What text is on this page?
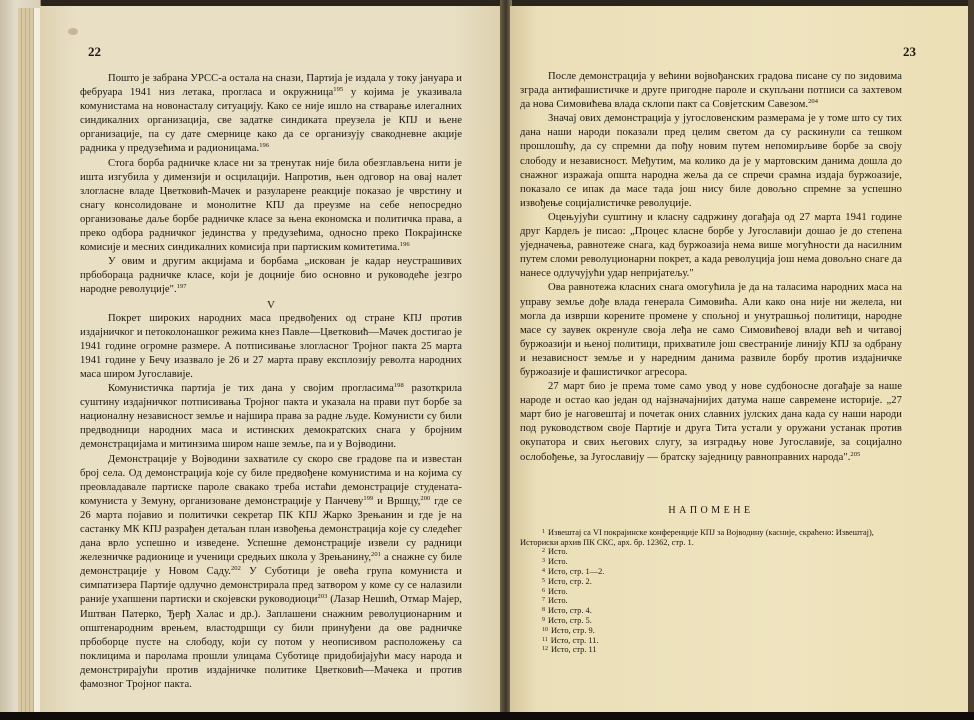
22

Пошто је забрана УРСС-а остала на снази, Партија је издала у току јануара и фебруара 1941 низ летака, проглаcа и окружница$^{195}$ у којима је указивала комунистама на новонасталу ситуацију. Како се није ишло на стварање илегалних синдикалних организација, све задатке синдиката преузела је КПЈ и њене организације, па су дате смернице како да се организују свакодневне акције радника у предузећима и радионицама.$^{196}$

Стога борба радничке класе ни за тренутак није била обезглављена нити је ишта изгубила у димензији и осцилацији. Напротив, њен одговор на овај налет злогласне владе Цветковић-Мачек и разуларене реакције показао је чврстину и снагу консолидоване и монолитне КПЈ да преузме на себе непосредно организовање даље борбе радничке класе за њена економска и политичка права, а преко одбора радничког јединства у предузећима, односно преко Покрајинске комисије и месних синдикалних комисија при партиским комитетима.$^{196}$

У овим и другим акцијама и борбама „искован је кадар неустрашивих прбобораца радничке класе, који је доцније био основно и руководеће језгро народне револуције".$^{197}$

V

Покрет широких народних маса предвођених од стране КПЈ против издајничког и петоколонашког режима кнез Павле—Цветковић—Мачек достигао је 1941 године огромне размере. А потписивање злогласног Тројног пакта 25 марта 1941 године у Бечу изазвало је 26 и 27 марта праву експлозију револта народних маса широм Југославије.

Комунистичка партија је тих дана у својим прогласима$^{198}$ разоткрила суштину издајничког потписивања Тројног пакта и указала на прави пут борбе за националну независност земље и најшира права за радне људе. Комунисти су били предводници народних маса и истинских демократских снага у бројним демонстрацијама и митинзима широм наше земље, па и у Војводини.

Демонстрације у Војводини захватиле су скоро све градове па и известан број села. Од демонстрација које су биле предвођене комунистима и на којима су преовладавале партиске пароле свакако треба истаћи демонстрације студената-комуниста у Земуну, организоване демонстрације у Панчеву$^{199}$ и Вршцу,$^{200}$ где се 26 марта појавио и политички секретар ПК КПЈ Жарко Зрењанин и где је на састанку МК КПЈ разрађен детаљан план извођења демонстрација које су следећег дана врло успешно и изведене. Успешне демонстрације извели су радници железничке радионице и ученици средњих школа у Зрењанину,$^{201}$ а снажне су биле демонстрације у Новом Саду.$^{202}$ У Суботици је овећа група комуниста и симпатизера Партије одлучно демонстрирала пред затвором у коме су се налазили раније ухапшени партиски и скојевски руководиоци$^{203}$ (Лазар Нешић, Отмар Мајер, Иштван Патерко, Ђерђ Халас и др.). Заплашени снажним револуционарним и општенародним врењем, властодршци су били принуђени да ове радничке прбоборце пусте на слободу, који су потом у неописивом расположењу са поклицима и паролама прошли улицама Суботице придобијајући масу народа и демонстрирајући против издајничке политике Цветковић—Мачека и против фамозног Тројног пакта.

23

После демонстрација у већини војвођанских градова писане су по зидовима зграда антифашистичке и друге пригодне пароле и скупљани потписи са захтевом да нова Симовићева влада склопи пакт са Совјетским Савезом.$^{204}$

Значај ових демонстрација у југословенским размерама је у томе што су тих дана наши народи показали пред целим светом да су раскинули са тешком прошлошћу, да су спремни да пођу новим путем непомирљиве борбе за своју слободу и независност. Међутим, ма колико да је у мартовским данима дошла до снажног изражаја општа народна жеља да се спречи срамна издаја буржоазије, показало се ипак да масе тада још нису биле довољно спремне за успешно извођење социјалистичке револуције.

Оцењујући суштину и класну садржину догађаја од 27 марта 1941 године друг Кардељ је писао: „Процес класне борбе у Југославији дошао је до степена уједначења, равнотеже снага, кад буржоазија нема више могућности да насилним путем сломи револуционарни покрет, а када револуција још нема довољно снаге да нанесе одлучујући удар непријатељу."

Ова равнотежа класних снага омогућила је да на таласима народних маса на управу земље дође влада генерала Симовића. Али како она није ни желела, ни могла да изврши корените промене у спољној и унутрашњој политици, народне масе су заувек окренуле своја леђа не само Симовићевој влади већ и читавој буржоазији и њеној политици, прихватиле још свестраније линију КПЈ за одбрану и независност земље и у наредним данима развиле борбу против издајничке буржоазије и фашистичког агресора.

27 март био је према томе само увод у нове судбоносне догађаје за наше народе и остао као један од најзначајнијих датума наше савремене историје. „27 март био је наговештај и почетак оних славних јулских дана када су наши народи под руководством своје Партије и друга Тита устали у оружани устанак против окупатора и свих његових слугу, за изградњу нове Југославије, за социјално ослобођење, за Југославију — братску заједницу равноправних народа".$^{205}$

НАПОМЕНЕ

$^1$ Извештај са VI покрајинске конференције КПЈ за Војводину (касније, скраћено: Извештај), Историски архив ПК СКС, арх. бр. 12362, стр. 1.

$^2$ Исто.

$^3$ Исто.

$^4$ Исто, стр. 1—2.

$^5$ Исто, стр. 2.

$^6$ Исто.

$^7$ Исто.

$^8$ Исто, стр. 4.

$^9$ Исто, стр. 5.

$^{10}$ Исто, стр. 9.

$^{11}$ Исто, стр. 11.

$^{12}$ Исто, стр. 11
